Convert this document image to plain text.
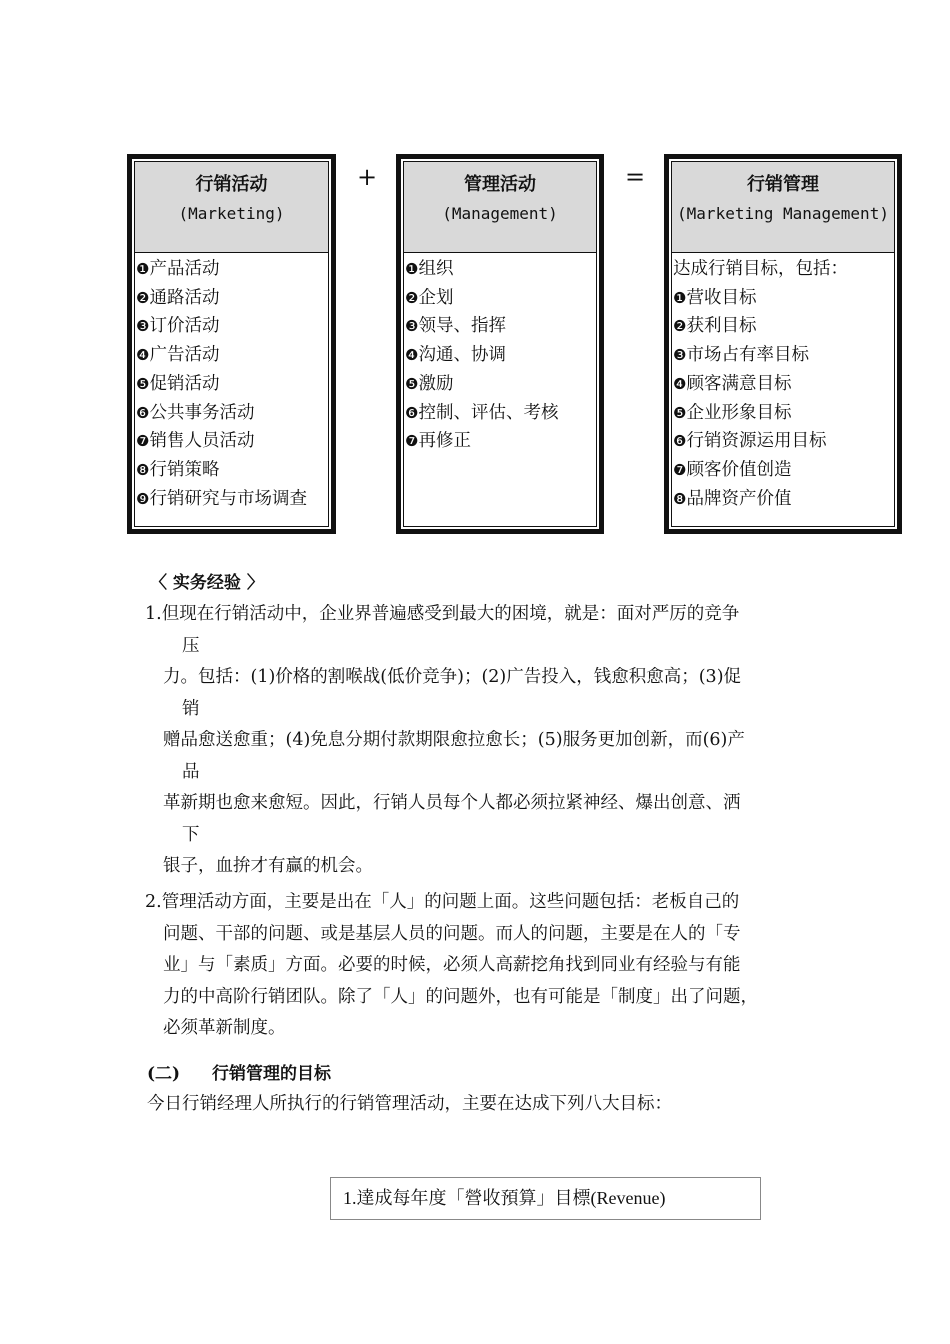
行销活动
(Marketing)
❶产品活动
❷通路活动
❸订价活动
❹广告活动
❺促销活动
❻公共事务活动
❼销售人员活动
❽行销策略
❾行销研究与市场调查
+	管理活动
(Management)
❶组织
❷企划
❸领导、指挥
❹沟通、协调
❺激励
❻控制、评估、考核
❼再修正
=	行销管理
(Marketing Management)
达成行销目标，包括：
❶营收目标
❷获利目标
❸市场占有率目标
❹顾客满意目标
❺企业形象目标
❻行销资源运用目标
❼顾客价值创造
❽品牌资产价值
〈 实务经验 〉
1.但现在行销活动中，企业界普遍感受到最大的困境，就是：面对严厉的竞争
压
力。包括：(1)价格的割喉战(低价竞争)；(2)广告投入，钱愈积愈高；(3)促
销
赠品愈送愈重；(4)免息分期付款期限愈拉愈长；(5)服务更加创新，而(6)产
品
革新期也愈来愈短。因此，行销人员每个人都必须拉紧神经、爆出创意、洒
下
银子，血拚才有赢的机会。
2.管理活动方面，主要是出在「人」的问题上面。这些问题包括：老板自己的
问题、干部的问题、或是基层人员的问题。而人的问题，主要是在人的「专
业」与「素质」方面。必要的时候，必须人高薪挖角找到同业有经验与有能
力的中高阶行销团队。除了「人」的问题外，也有可能是「制度」出了问题，
必须革新制度。
(二) 行销管理的目标
今日行销经理人所执行的行销管理活动，主要在达成下列八大目标：
1.達成每年度「營收預算」目標(Revenue)
